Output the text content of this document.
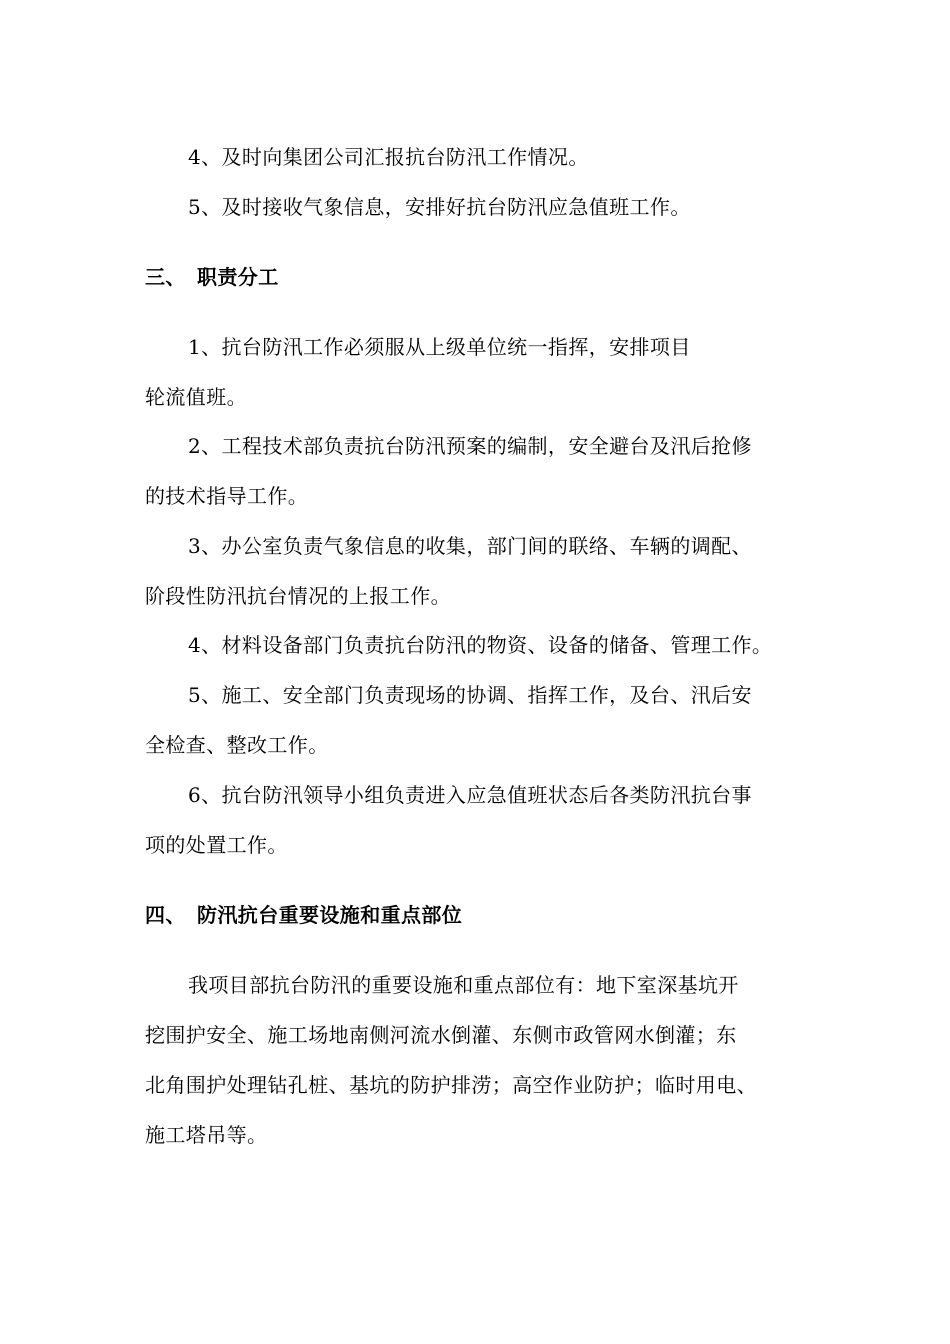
4、及时向集团公司汇报抗台防汛工作情况。
5、及时接收气象信息，安排好抗台防汛应急值班工作。
三、 职责分工
1、抗台防汛工作必须服从上级单位统一指挥，安排项目
轮流值班。
2、工程技术部负责抗台防汛预案的编制，安全避台及汛后抢修
的技术指导工作。
3、办公室负责气象信息的收集，部门间的联络、车辆的调配、
阶段性防汛抗台情况的上报工作。
4、材料设备部门负责抗台防汛的物资、设备的储备、管理工作。
5、施工、安全部门负责现场的协调、指挥工作，及台、汛后安
全检查、整改工作。
6、抗台防汛领导小组负责进入应急值班状态后各类防汛抗台事
项的处置工作。
四、 防汛抗台重要设施和重点部位
我项目部抗台防汛的重要设施和重点部位有：地下室深基坑开
挖围护安全、施工场地南侧河流水倒灌、东侧市政管网水倒灌；东
北角围护处理钻孔桩、基坑的防护排涝；高空作业防护；临时用电、
施工塔吊等。
